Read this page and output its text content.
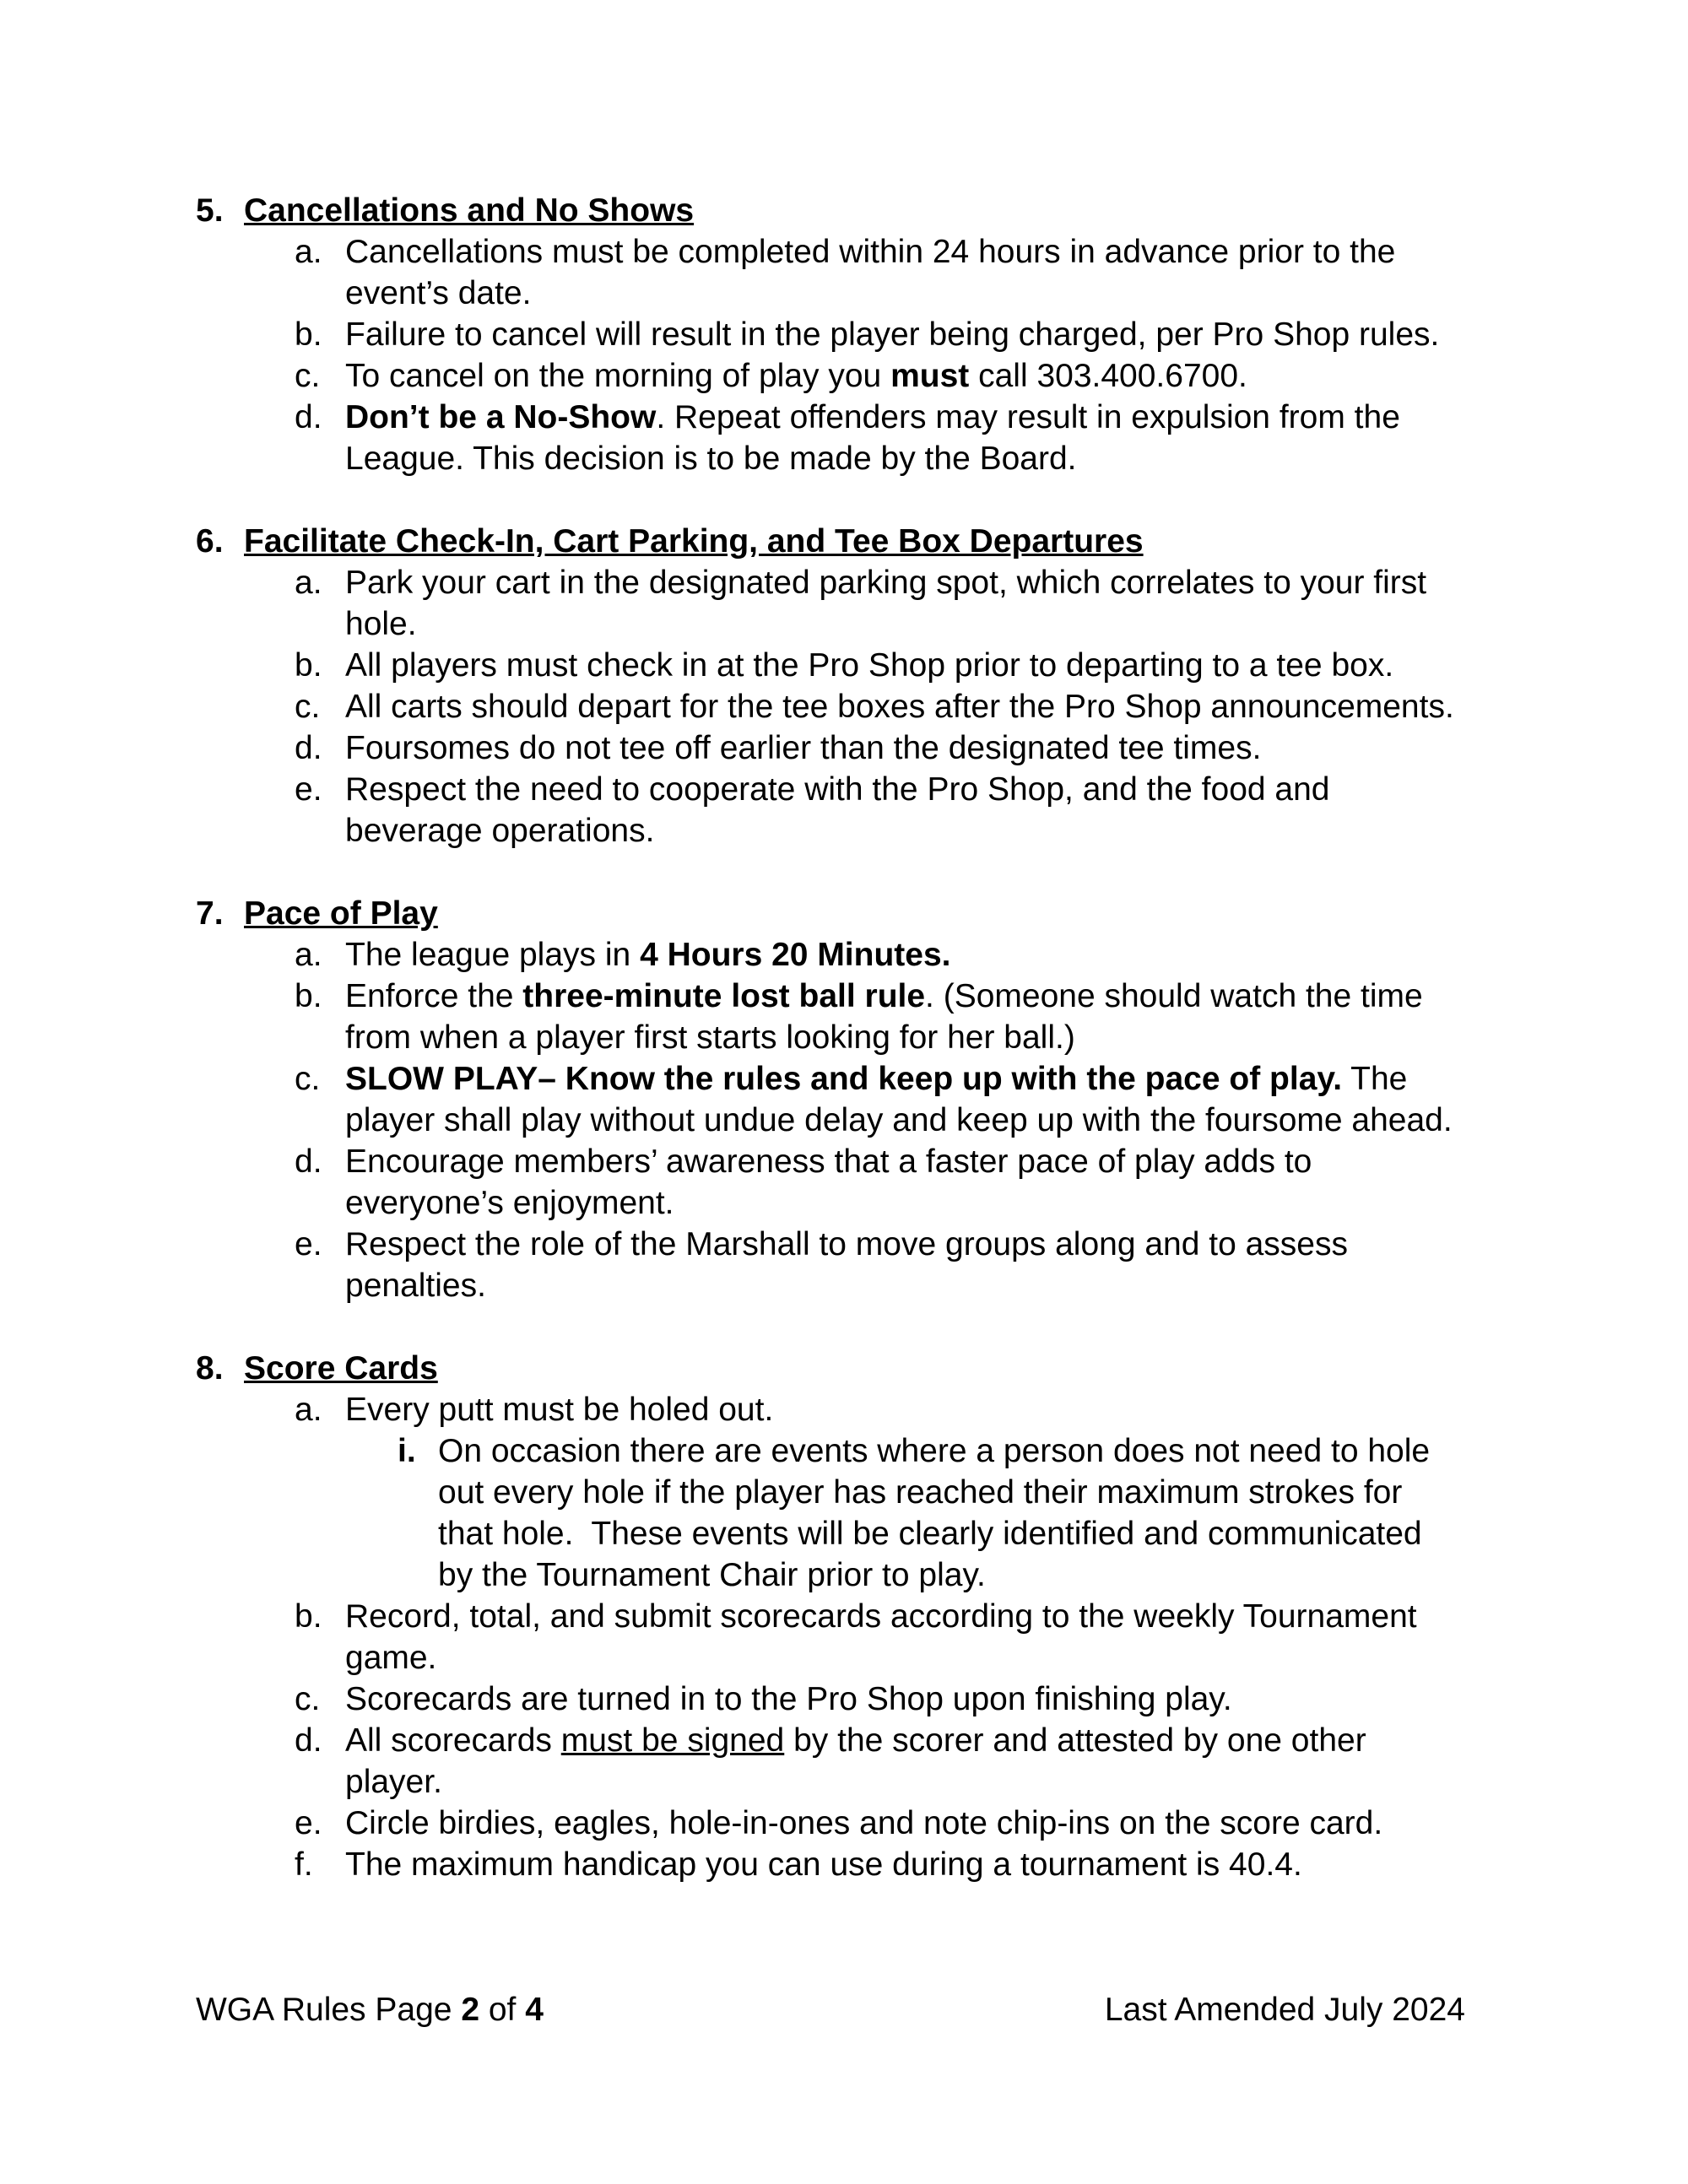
5. Cancellations and No Shows
a. Cancellations must be completed within 24 hours in advance prior to the event’s date.
b. Failure to cancel will result in the player being charged, per Pro Shop rules.
c. To cancel on the morning of play you must call 303.400.6700.
d. Don’t be a No-Show. Repeat offenders may result in expulsion from the League. This decision is to be made by the Board.
6. Facilitate Check-In, Cart Parking, and Tee Box Departures
a. Park your cart in the designated parking spot, which correlates to your first hole.
b. All players must check in at the Pro Shop prior to departing to a tee box.
c. All carts should depart for the tee boxes after the Pro Shop announcements.
d. Foursomes do not tee off earlier than the designated tee times.
e. Respect the need to cooperate with the Pro Shop, and the food and beverage operations.
7. Pace of Play
a. The league plays in 4 Hours 20 Minutes.
b. Enforce the three-minute lost ball rule. (Someone should watch the time from when a player first starts looking for her ball.)
c. SLOW PLAY– Know the rules and keep up with the pace of play. The player shall play without undue delay and keep up with the foursome ahead.
d. Encourage members’ awareness that a faster pace of play adds to everyone’s enjoyment.
e. Respect the role of the Marshall to move groups along and to assess penalties.
8. Score Cards
a. Every putt must be holed out.
i. On occasion there are events where a person does not need to hole out every hole if the player has reached their maximum strokes for that hole.  These events will be clearly identified and communicated by the Tournament Chair prior to play.
b. Record, total, and submit scorecards according to the weekly Tournament game.
c. Scorecards are turned in to the Pro Shop upon finishing play.
d. All scorecards must be signed by the scorer and attested by one other player.
e. Circle birdies, eagles, hole-in-ones and note chip-ins on the score card.
f. The maximum handicap you can use during a tournament is 40.4.
WGA Rules Page 2 of 4	Last Amended July 2024
